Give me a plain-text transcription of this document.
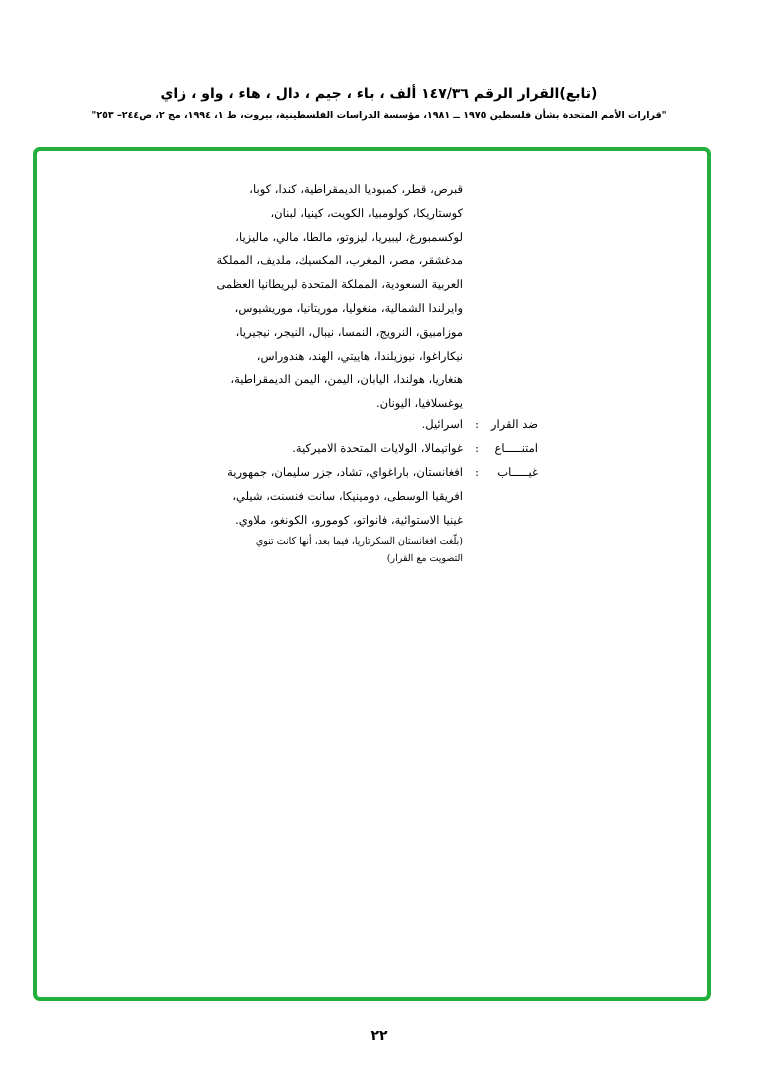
(تابع)القرار الرقم ١٤٧/٣٦ ألف ، باء ، جيم ، دال ، هاء ، واو ، زاي
"قرارات الأمم المتحدة بشأن فلسطين ١٩٧٥ ــ ١٩٨١، مؤسسة الدراسات الفلسطينية، بيروت، ط ١، ١٩٩٤، مج ٢، ص٢٤٤– ٢٥٣"
قبرص، قطر، كمبوديا الديمقراطية، كندا، كوبا،
كوستاريكا، كولومبيا، الكويت، كينيا، لبنان،
لوكسمبورغ، ليبيريا، ليزوتو، مالطا، مالي، ماليزيا،
مدغشقر، مصر، المغرب، المكسيك، ملديف، المملكة
العربية السعودية، المملكة المتحدة لبريطانيا العظمى
وايرلندا الشمالية، منغوليا، موريتانيا، موريشيوس،
موزامبيق، النرويج، النمسا، نيبال، النيجر، نيجيريا،
نيكاراغوا، نيوزيلندا، هاييتي، الهند، هندوراس،
هنغاريا، هولندا، اليابان، اليمن، اليمن الديمقراطية،
يوغسلافيا، اليونان.
ضد القرار
:
اسرائيل.
امتنـــــاع
:
غواتيمالا، الولايات المتحدة الاميركية.
غيـــــاب
:
افغانستان، باراغواي، تشاد، جزر سليمان، جمهورية
افريقيا الوسطى، دومينيكا، سانت فنسنت، شيلي،
غينيا الاستوائية، فانواتو، كومورو، الكونغو، ملاوي.
(بلّغت افغانستان السكرتاريا، فيما بعد، أنها كانت تنوي
التصويت مع القرار)
٢٢
